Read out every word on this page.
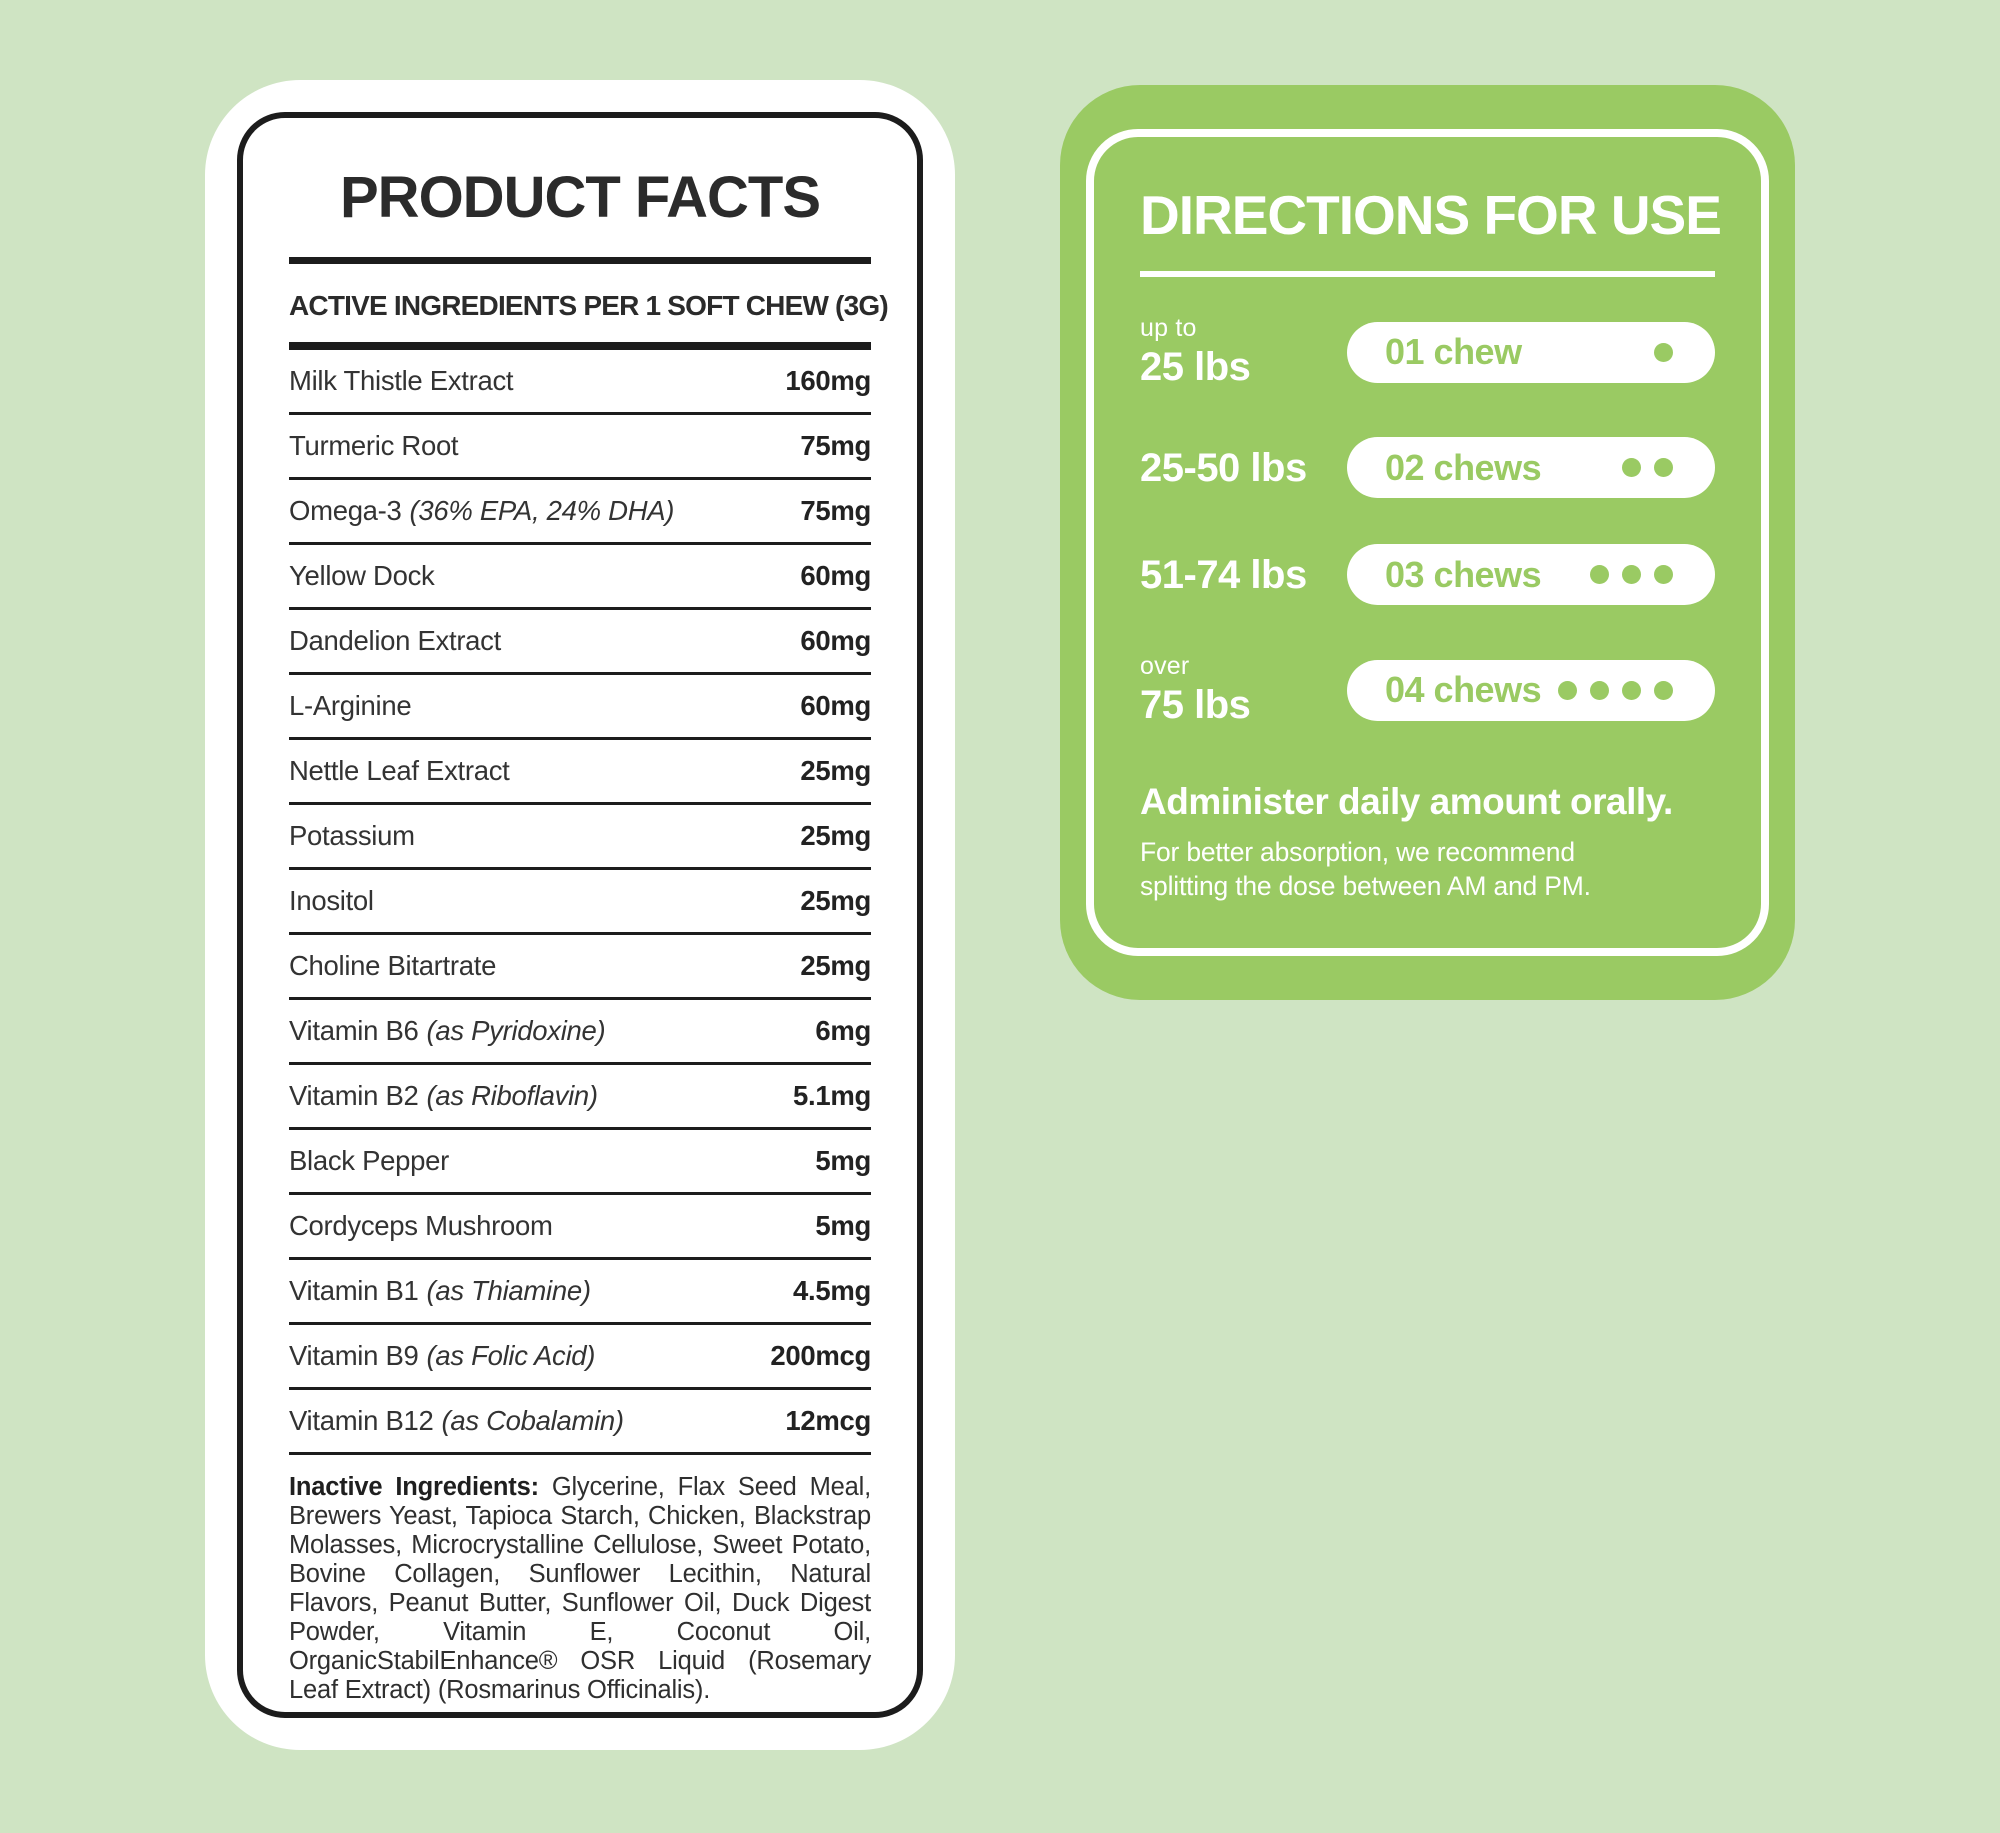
PRODUCT FACTS
ACTIVE INGREDIENTS PER 1 SOFT CHEW (3G)
Milk Thistle Extract	160mg
Turmeric Root	75mg
Omega-3 (36% EPA, 24% DHA)	75mg
Yellow Dock	60mg
Dandelion Extract	60mg
L-Arginine	60mg
Nettle Leaf Extract	25mg
Potassium	25mg
Inositol	25mg
Choline Bitartrate	25mg
Vitamin B6 (as Pyridoxine)	6mg
Vitamin B2 (as Riboflavin)	5.1mg
Black Pepper	5mg
Cordyceps Mushroom	5mg
Vitamin B1 (as Thiamine)	4.5mg
Vitamin B9 (as Folic Acid)	200mcg
Vitamin B12 (as Cobalamin)	12mcg

Inactive Ingredients: Glycerine, Flax Seed Meal, Brewers Yeast, Tapioca Starch, Chicken, Blackstrap Molasses, Microcrystalline Cellulose, Sweet Potato, Bovine Collagen, Sunflower Lecithin, Natural Flavors, Peanut Butter, Sunflower Oil, Duck Digest Powder, Vitamin E, Coconut Oil, OrganicStabilEnhance® OSR Liquid (Rosemary Leaf Extract) (Rosmarinus Officinalis).

DIRECTIONS FOR USE
up to
25 lbs	01 chew
25-50 lbs 02 chews
51-74 lbs 03 chews
over
75 lbs	04 chews
Administer daily amount orally.

For better absorption, we recommend splitting the dose between AM and PM.
